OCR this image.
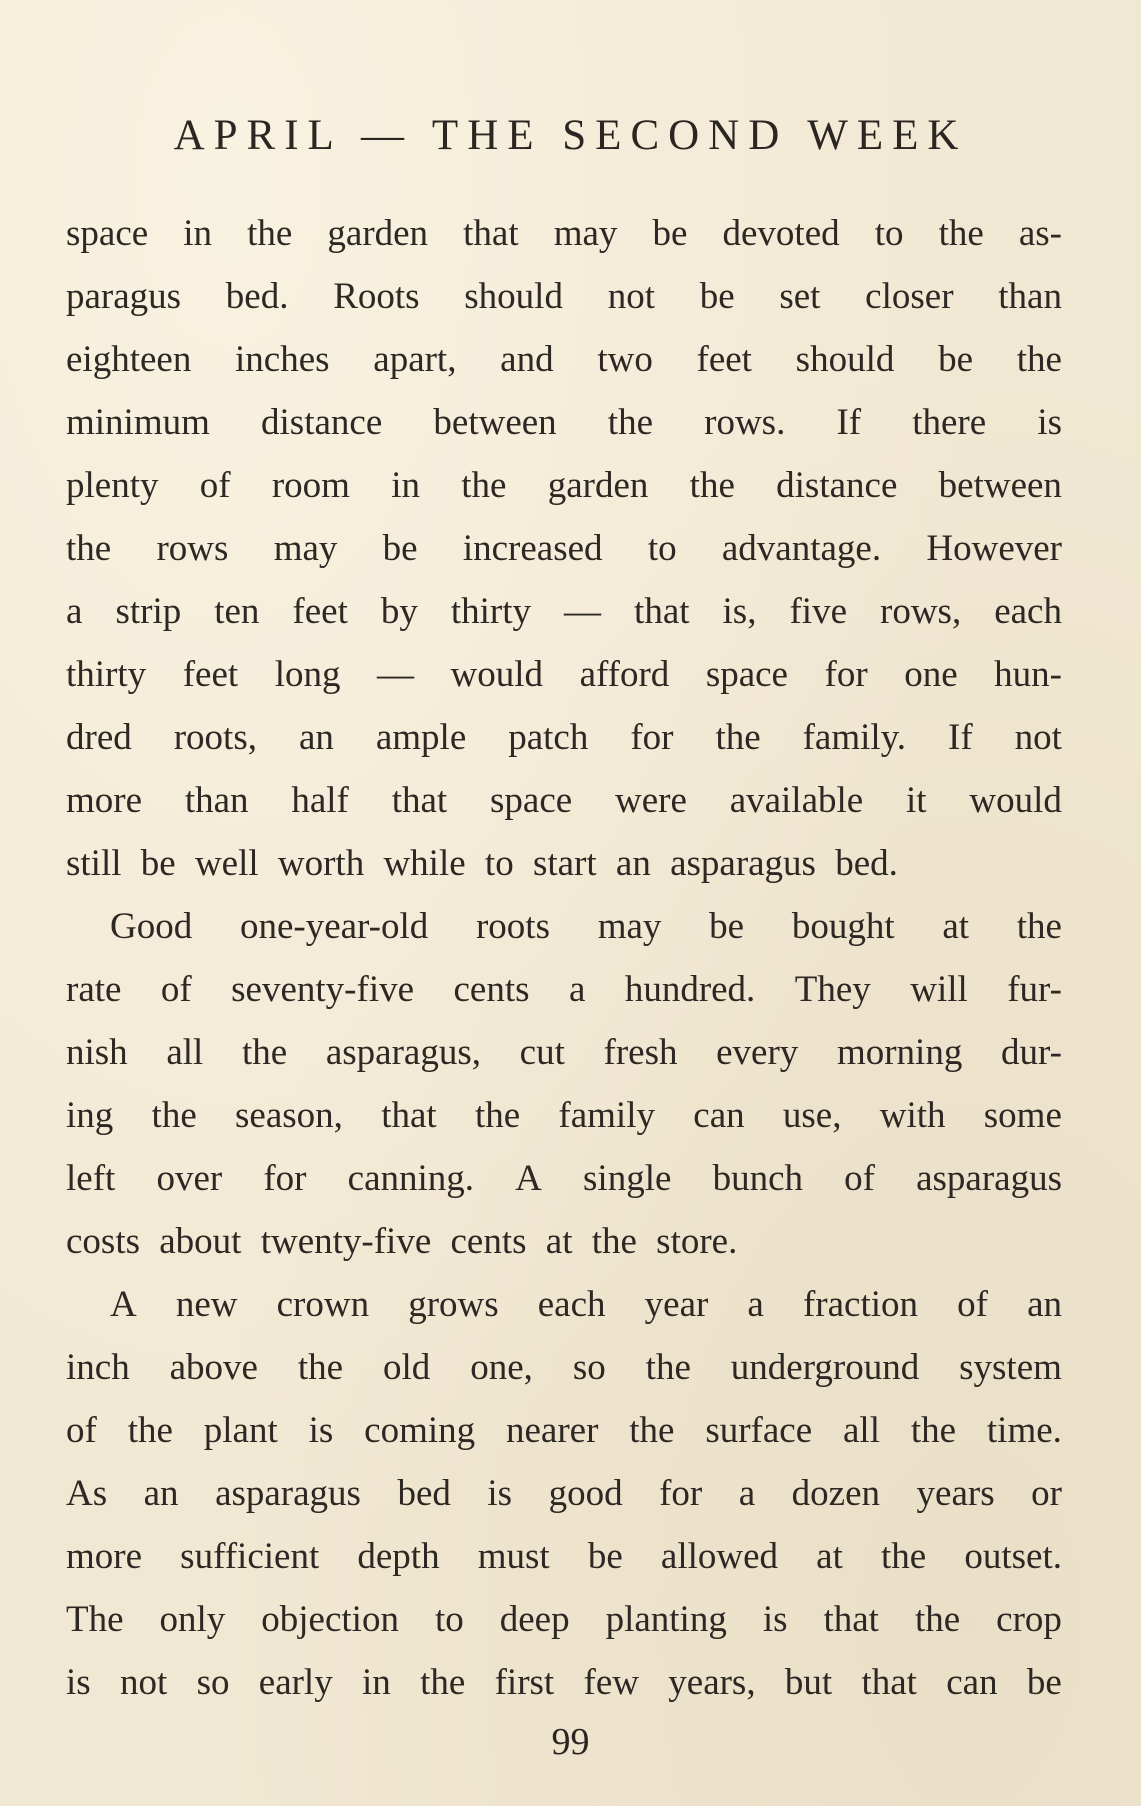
APRIL — THE SECOND WEEK
space in the garden that may be devoted to the as-
paragus bed. Roots should not be set closer than
eighteen inches apart, and two feet should be the
minimum distance between the rows. If there is
plenty of room in the garden the distance between
the rows may be increased to advantage. However
a strip ten feet by thirty — that is, five rows, each
thirty feet long — would afford space for one hun-
dred roots, an ample patch for the family. If not
more than half that space were available it would
still be well worth while to start an asparagus bed.
Good one-year-old roots may be bought at the
rate of seventy-five cents a hundred. They will fur-
nish all the asparagus, cut fresh every morning dur-
ing the season, that the family can use, with some
left over for canning. A single bunch of asparagus
costs about twenty-five cents at the store.
A new crown grows each year a fraction of an
inch above the old one, so the underground system
of the plant is coming nearer the surface all the time.
As an asparagus bed is good for a dozen years or
more sufficient depth must be allowed at the outset.
The only objection to deep planting is that the crop
is not so early in the first few years, but that can be
99
